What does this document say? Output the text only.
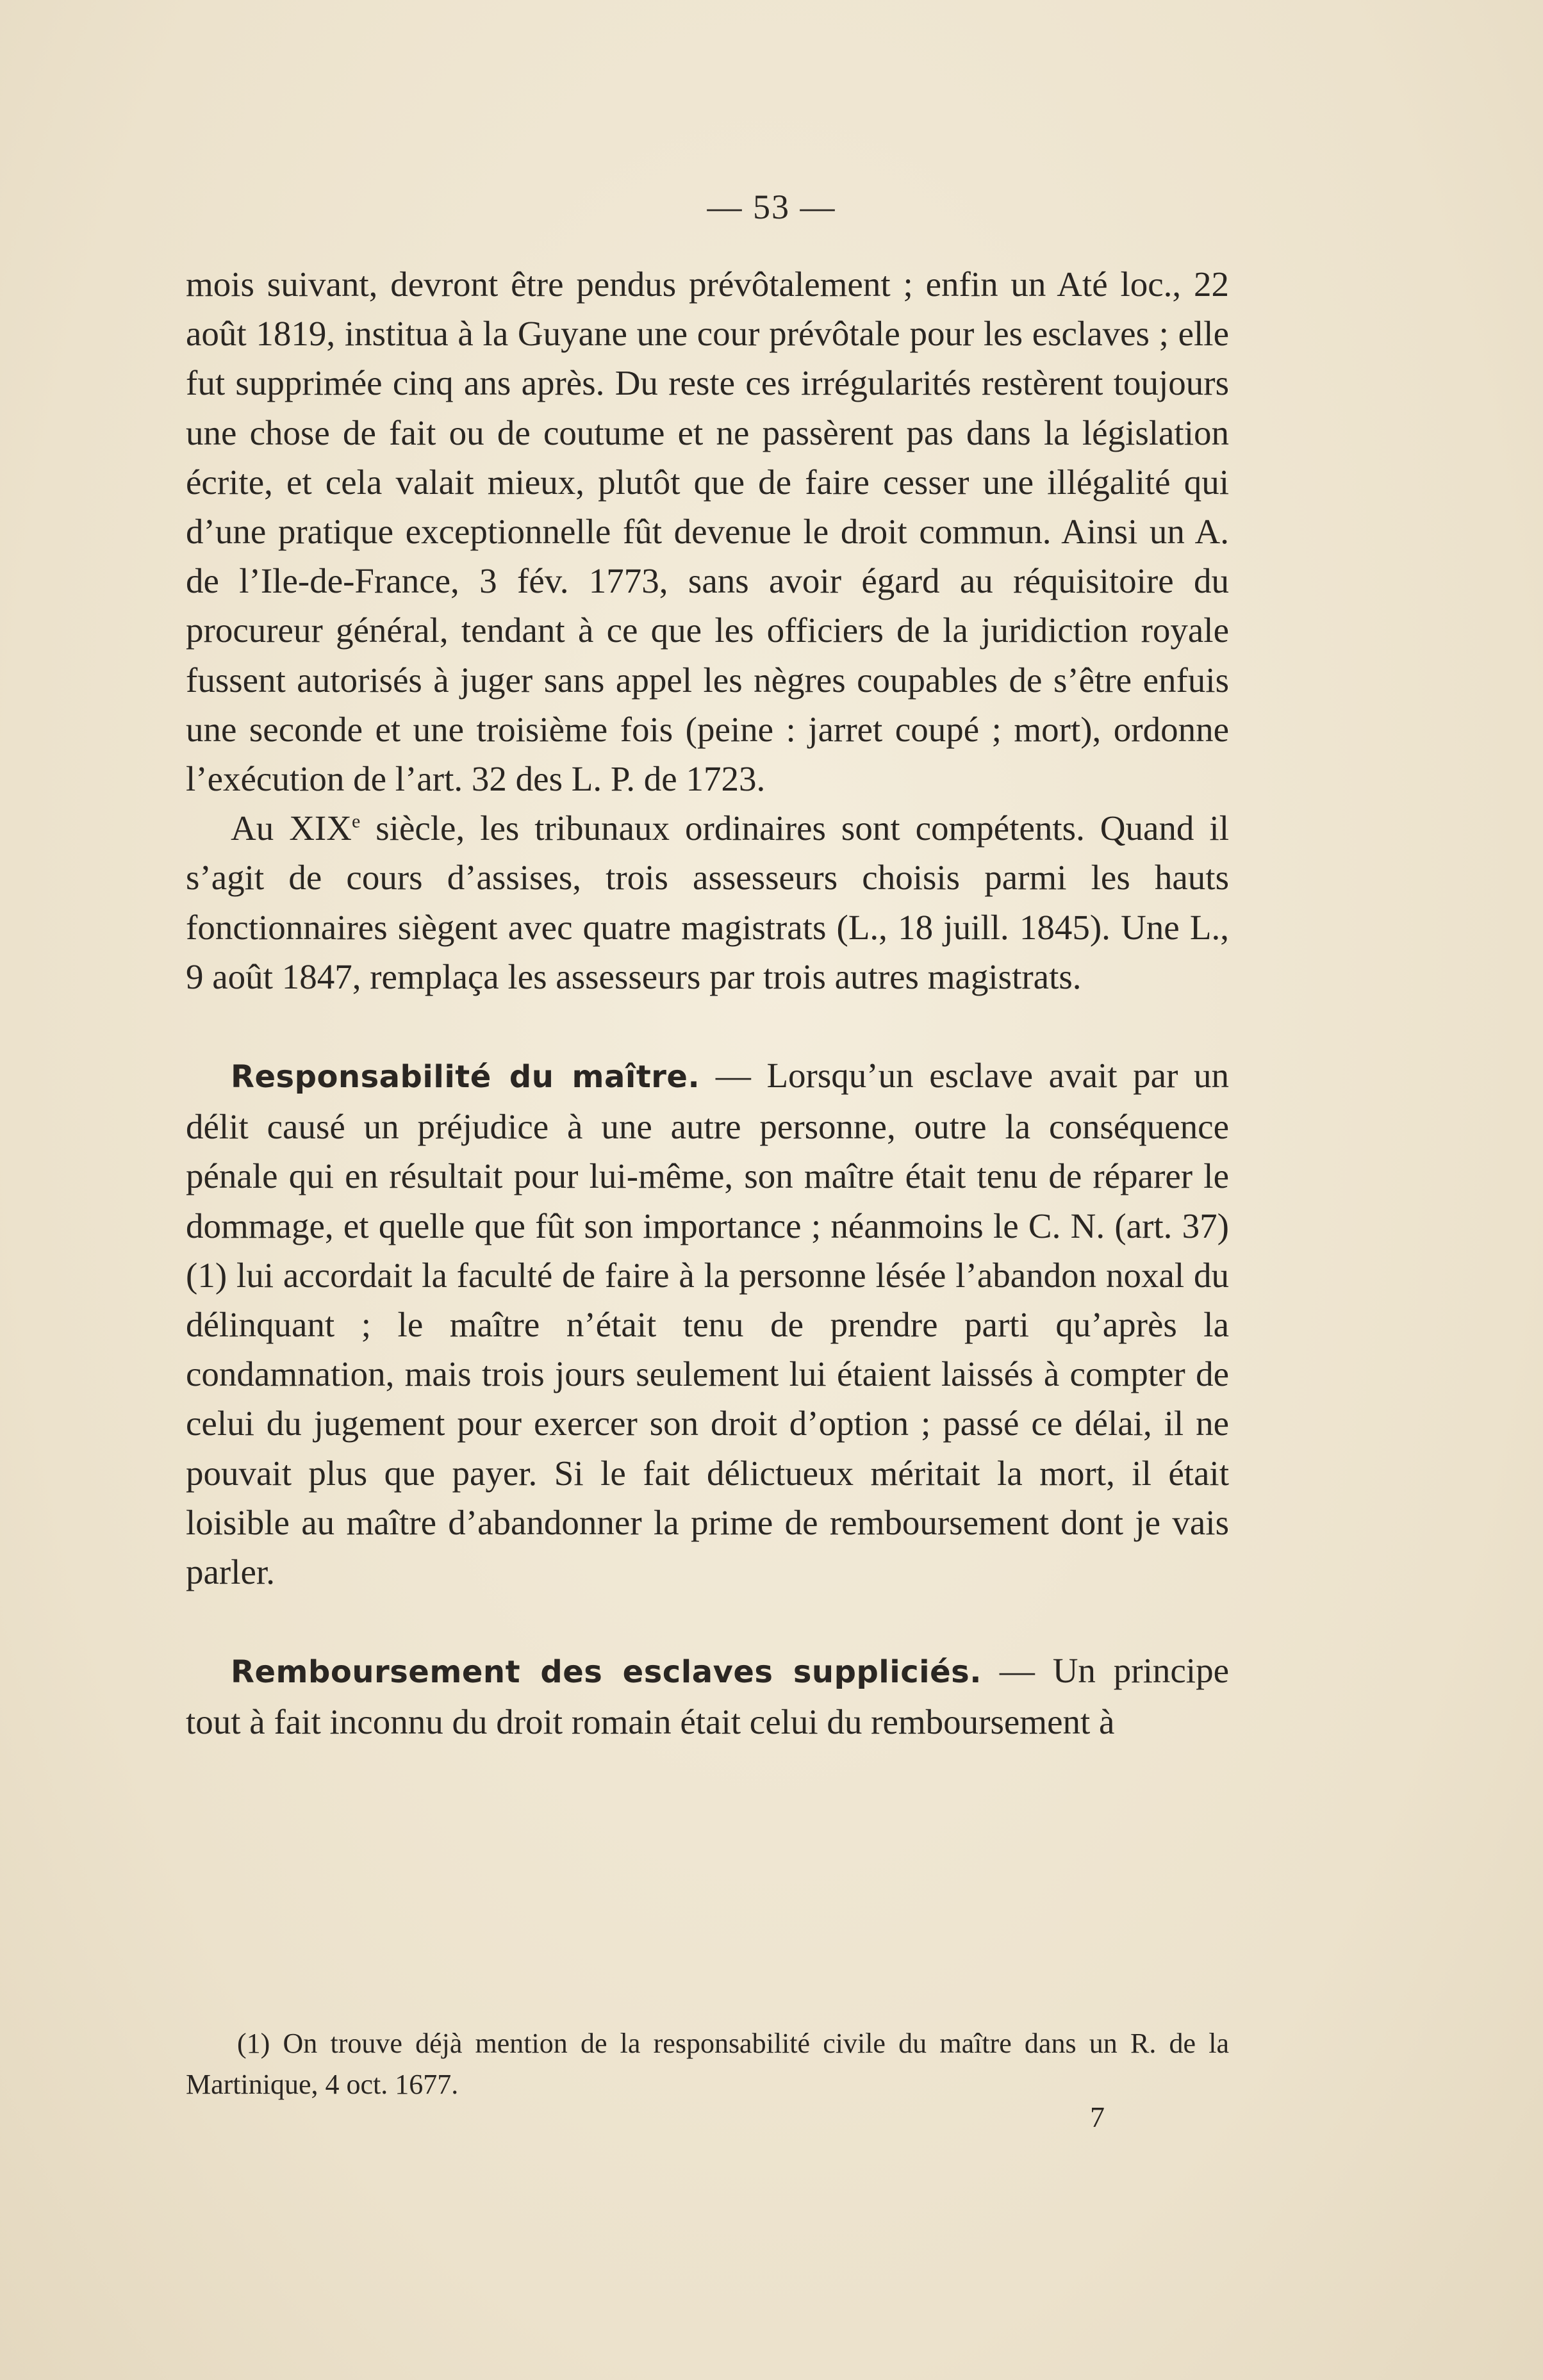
— 53 —

mois suivant, devront être pendus prévôtalement ; enfin un Até loc., 22 août 1819, institua à la Guyane une cour prévôtale pour les esclaves ; elle fut supprimée cinq ans après. Du reste ces irrégularités restèrent toujours une chose de fait ou de coutume et ne passèrent pas dans la législation écrite, et cela valait mieux, plutôt que de faire cesser une illégalité qui d’une pratique exceptionnelle fût devenue le droit commun. Ainsi un A. de l’Ile-de-France, 3 fév. 1773, sans avoir égard au réquisitoire du procureur général, tendant à ce que les officiers de la juridiction royale fussent autorisés à juger sans appel les nègres coupables de s’être enfuis une seconde et une troisième fois (peine : jarret coupé ; mort), ordonne l’exécution de l’art. 32 des L. P. de 1723.

Au XIXe siècle, les tribunaux ordinaires sont compétents. Quand il s’agit de cours d’assises, trois assesseurs choisis parmi les hauts fonctionnaires siègent avec quatre magistrats (L., 18 juill. 1845). Une L., 9 août 1847, remplaça les assesseurs par trois autres magistrats.

Responsabilité du maître. — Lorsqu’un esclave avait par un délit causé un préjudice à une autre personne, outre la conséquence pénale qui en résultait pour lui-même, son maître était tenu de réparer le dommage, et quelle que fût son importance ; néanmoins le C. N. (art. 37) (1) lui accordait la faculté de faire à la personne lésée l’abandon noxal du délinquant ; le maître n’était tenu de prendre parti qu’après la condamnation, mais trois jours seulement lui étaient laissés à compter de celui du jugement pour exercer son droit d’option ; passé ce délai, il ne pouvait plus que payer. Si le fait délictueux méritait la mort, il était loisible au maître d’abandonner la prime de remboursement dont je vais parler.

Remboursement des esclaves suppliciés. — Un principe tout à fait inconnu du droit romain était celui du remboursement à

(1) On trouve déjà mention de la responsabilité civile du maître dans un R. de la Martinique, 4 oct. 1677.

7
